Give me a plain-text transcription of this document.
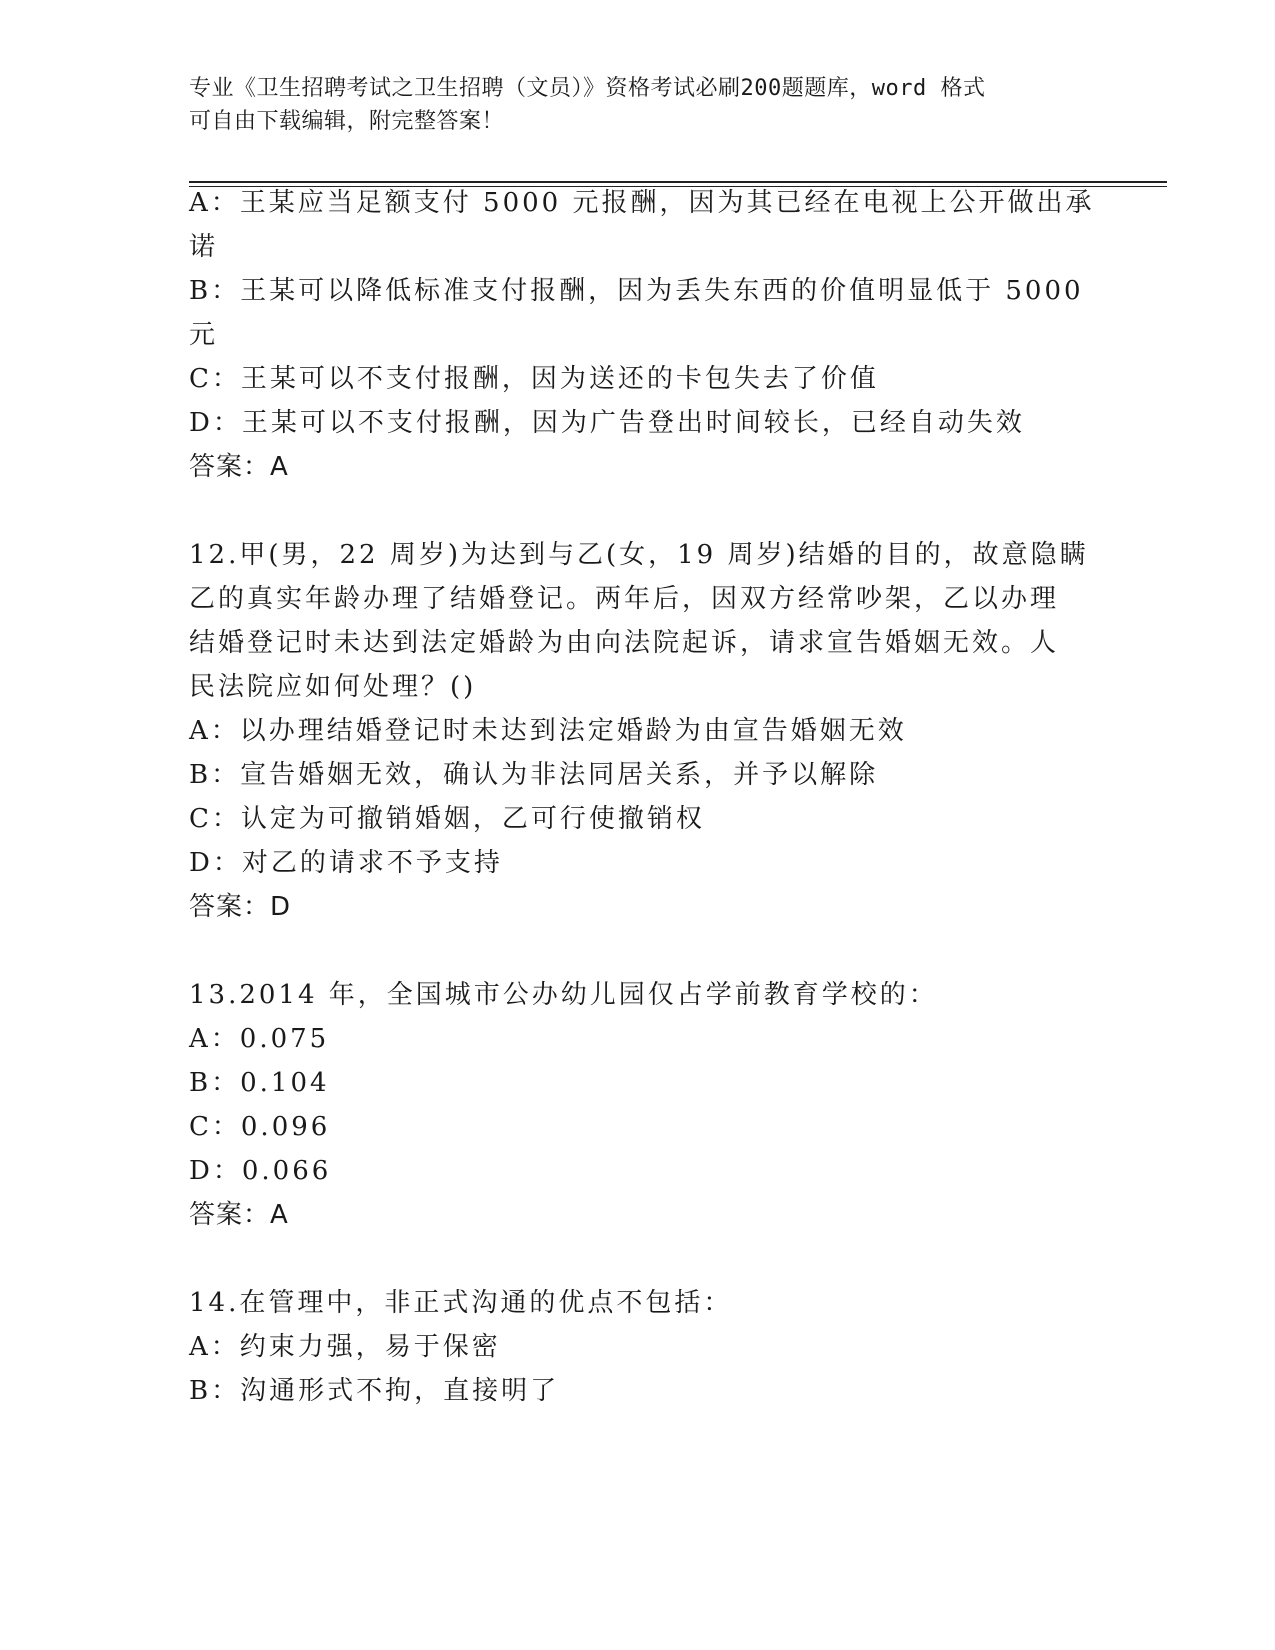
专业《卫生招聘考试之卫生招聘（文员）》资格考试必刷200题题库，word 格式
可自由下载编辑，附完整答案！
A：王某应当足额支付 5000 元报酬，因为其已经在电视上公开做出承
诺
B：王某可以降低标准支付报酬，因为丢失东西的价值明显低于 5000
元
C：王某可以不支付报酬，因为送还的卡包失去了价值
D：王某可以不支付报酬，因为广告登出时间较长，已经自动失效
答案：A
12.甲(男，22 周岁)为达到与乙(女，19 周岁)结婚的目的，故意隐瞒
乙的真实年龄办理了结婚登记。两年后，因双方经常吵架，乙以办理
结婚登记时未达到法定婚龄为由向法院起诉，请求宣告婚姻无效。人
民法院应如何处理？()
A：以办理结婚登记时未达到法定婚龄为由宣告婚姻无效
B：宣告婚姻无效，确认为非法同居关系，并予以解除
C：认定为可撤销婚姻，乙可行使撤销权
D：对乙的请求不予支持
答案：D
13.2014 年，全国城市公办幼儿园仅占学前教育学校的：
A：0.075
B：0.104
C：0.096
D：0.066
答案：A
14.在管理中，非正式沟通的优点不包括：
A：约束力强，易于保密
B：沟通形式不拘，直接明了
